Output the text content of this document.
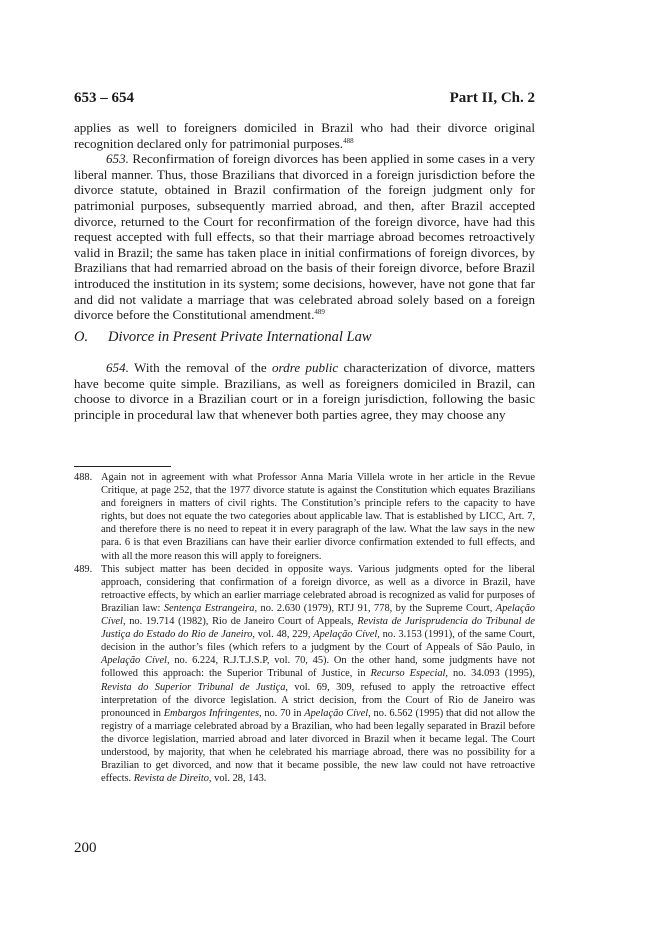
653 – 654	Part II, Ch. 2

applies as well to foreigners domiciled in Brazil who had their divorce original recognition declared only for patrimonial purposes.$^{488}$

653. Reconfirmation of foreign divorces has been applied in some cases in a very liberal manner. Thus, those Brazilians that divorced in a foreign jurisdiction before the divorce statute, obtained in Brazil confirmation of the foreign judgment only for patrimonial purposes, subsequently married abroad, and then, after Brazil accepted divorce, returned to the Court for reconfirmation of the foreign divorce, have had this request accepted with full effects, so that their marriage abroad becomes retroactively valid in Brazil; the same has taken place in initial confirmations of foreign divorces, by Brazilians that had remarried abroad on the basis of their foreign divorce, before Brazil introduced the institution in its system; some decisions, however, have not gone that far and did not validate a marriage that was celebrated abroad solely based on a foreign divorce before the Constitutional amendment.$^{489}$

O. Divorce in Present Private International Law

654. With the removal of the ordre public characterization of divorce, matters have become quite simple. Brazilians, as well as foreigners domiciled in Brazil, can choose to divorce in a Brazilian court or in a foreign jurisdiction, following the basic principle in procedural law that whenever both parties agree, they may choose any

488. Again not in agreement with what Professor Anna Maria Villela wrote in her article in the Revue Critique, at page 252, that the 1977 divorce statute is against the Constitution which equates Brazilians and foreigners in matters of civil rights. The Constitution’s principle refers to the capacity to have rights, but does not equate the two categories about applicable law. That is established by LICC, Art. 7, and therefore there is no need to repeat it in every paragraph of the law. What the law says in the new para. 6 is that even Brazilians can have their earlier divorce confirmation extended to full effects, and with all the more reason this will apply to foreigners.

489. This subject matter has been decided in opposite ways. Various judgments opted for the liberal approach, considering that confirmation of a foreign divorce, as well as a divorce in Brazil, have retroactive effects, by which an earlier marriage celebrated abroad is recognized as valid for purposes of Brazilian law: Sentença Estrangeira, no. 2.630 (1979), RTJ 91, 778, by the Supreme Court, Apelação Cível, no. 19.714 (1982), Rio de Janeiro Court of Appeals, Revista de Jurisprudencia do Tribunal de Justiça do Estado do Rio de Janeiro, vol. 48, 229, Apelação Cível, no. 3.153 (1991), of the same Court, decision in the author’s files (which refers to a judgment by the Court of Appeals of São Paulo, in Apelação Cível, no. 6.224, R.J.T.J.S.P, vol. 70, 45). On the other hand, some judgments have not followed this approach: the Superior Tribunal of Justice, in Recurso Especial, no. 34.093 (1995), Revista do Superior Tribunal de Justiça, vol. 69, 309, refused to apply the retroactive effect interpretation of the divorce legislation. A strict decision, from the Court of Rio de Janeiro was pronounced in Embargos Infringentes, no. 70 in Apelação Cível, no. 6.562 (1995) that did not allow the registry of a marriage celebrated abroad by a Brazilian, who had been legally separated in Brazil before the divorce legislation, married abroad and later divorced in Brazil when it became legal. The Court understood, by majority, that when he celebrated his marriage abroad, there was no possibility for a Brazilian to get divorced, and now that it became possible, the new law could not have retroactive effects. Revista de Direito, vol. 28, 143.

200
